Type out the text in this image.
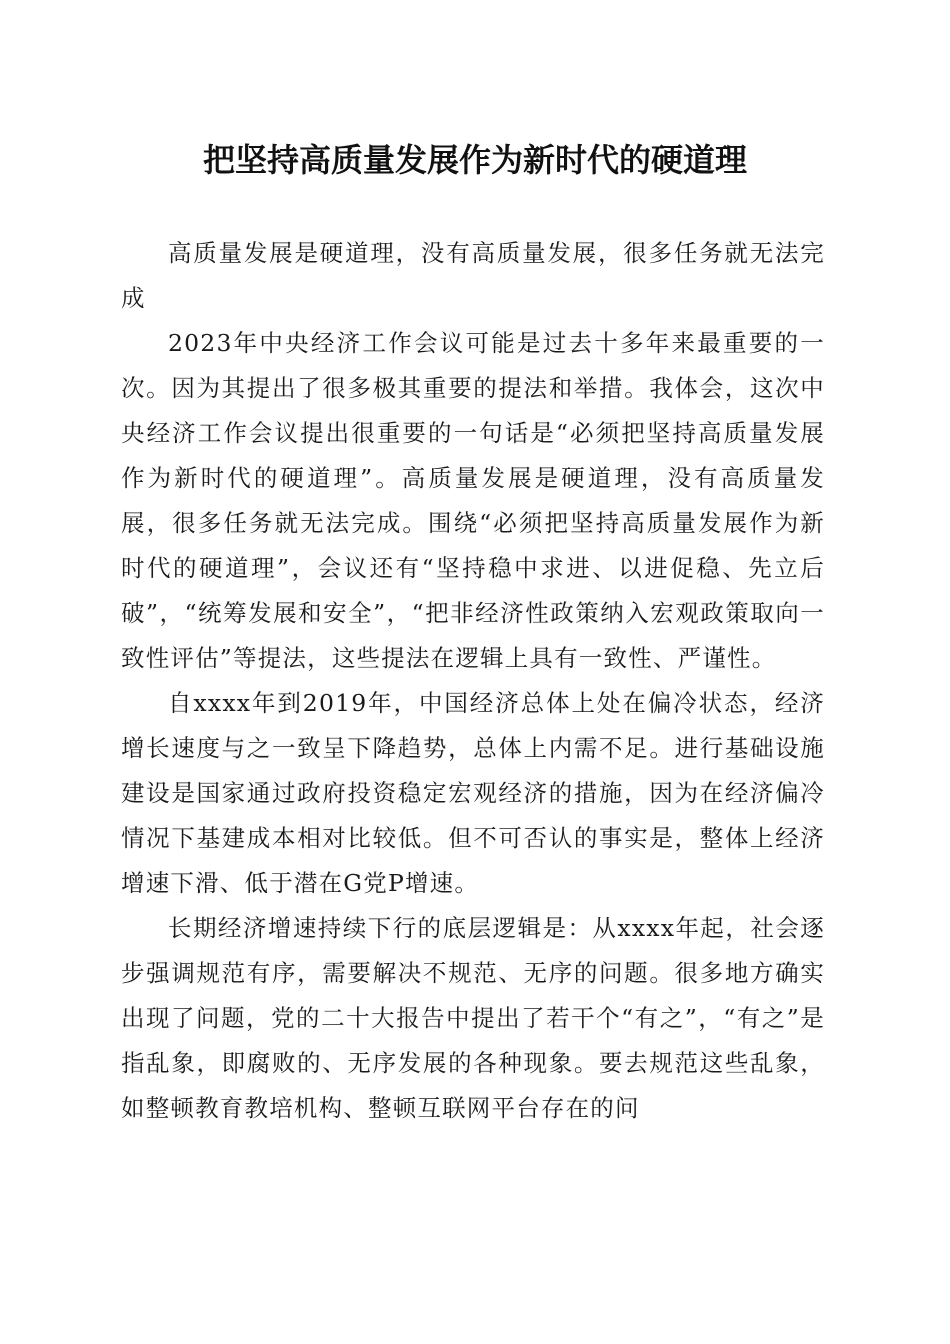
把坚持高质量发展作为新时代的硬道理

高质量发展是硬道理，没有高质量发展，很多任务就无法完成

2023年中央经济工作会议可能是过去十多年来最重要的一次。因为其提出了很多极其重要的提法和举措。我体会，这次中央经济工作会议提出很重要的一句话是“必须把坚持高质量发展作为新时代的硬道理”。高质量发展是硬道理，没有高质量发展，很多任务就无法完成。围绕“必须把坚持高质量发展作为新时代的硬道理”，会议还有“坚持稳中求进、以进促稳、先立后破”，“统筹发展和安全”，“把非经济性政策纳入宏观政策取向一致性评估”等提法，这些提法在逻辑上具有一致性、严谨性。

自xxxx年到2019年，中国经济总体上处在偏冷状态，经济增长速度与之一致呈下降趋势，总体上内需不足。进行基础设施建设是国家通过政府投资稳定宏观经济的措施，因为在经济偏冷情况下基建成本相对比较低。但不可否认的事实是，整体上经济增速下滑、低于潜在G党P增速。

长期经济增速持续下行的底层逻辑是：从xxxx年起，社会逐步强调规范有序，需要解决不规范、无序的问题。很多地方确实出现了问题，党的二十大报告中提出了若干个“有之”，“有之”是指乱象，即腐败的、无序发展的各种现象。要去规范这些乱象，如整顿教育教培机构、整顿互联网平台存在的问
